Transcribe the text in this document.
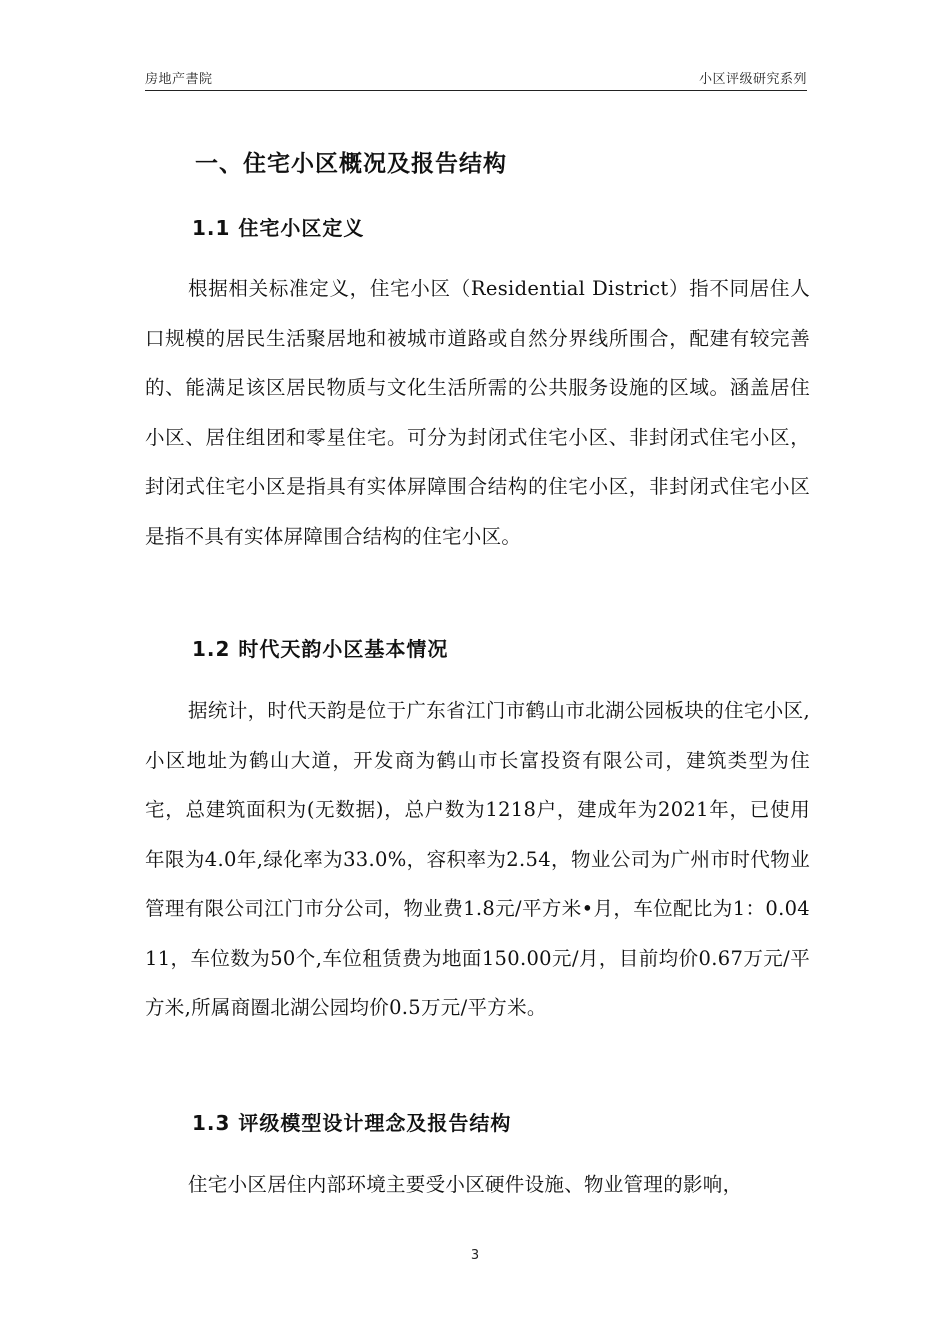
房地产書院	小区评级研究系列
一、住宅小区概况及报告结构
1.1 住宅小区定义
根据相关标准定义，住宅小区（Residential District）指不同居住人口规模的居民生活聚居地和被城市道路或自然分界线所围合，配建有较完善的、能满足该区居民物质与文化生活所需的公共服务设施的区域。涵盖居住小区、居住组团和零星住宅。可分为封闭式住宅小区、非封闭式住宅小区，封闭式住宅小区是指具有实体屏障围合结构的住宅小区，非封闭式住宅小区是指不具有实体屏障围合结构的住宅小区。
1.2 时代天韵小区基本情况
据统计，时代天韵是位于广东省江门市鹤山市北湖公园板块的住宅小区,小区地址为鹤山大道，开发商为鹤山市长富投资有限公司，建筑类型为住宅，总建筑面积为(无数据)，总户数为1218户，建成年为2021年，已使用年限为4.0年,绿化率为33.0%，容积率为2.54，物业公司为广州市时代物业管理有限公司江门市分公司，物业费1.8元/平方米•月，车位配比为1：0.0411，车位数为50个,车位租赁费为地面150.00元/月，目前均价0.67万元/平方米,所属商圈北湖公园均价0.5万元/平方米。
1.3 评级模型设计理念及报告结构
住宅小区居住内部环境主要受小区硬件设施、物业管理的影响，
3
